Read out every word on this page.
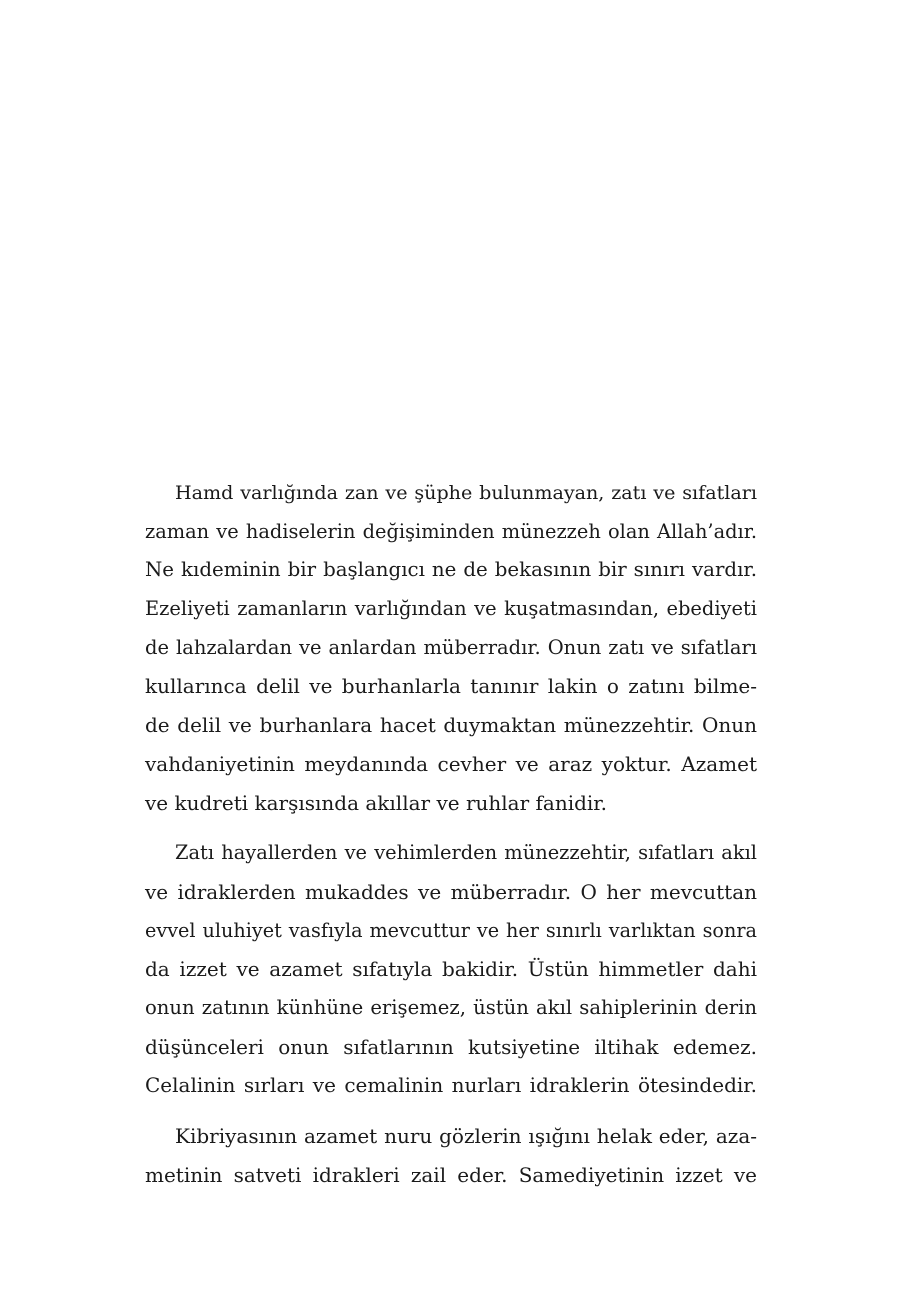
Hamd varlığında zan ve şüphe bulunmayan, zatı ve sıfatları
zaman ve hadiselerin değişiminden münezzeh olan Allah’adır.
Ne kıdeminin bir başlangıcı ne de bekasının bir sınırı vardır.
Ezeliyeti zamanların varlığından ve kuşatmasından, ebediyeti
de lahzalardan ve anlardan müberradır. Onun zatı ve sıfatları
kullarınca delil ve burhanlarla tanınır lakin o zatını bilme-
de delil ve burhanlara hacet duymaktan münezzehtir. Onun
vahdaniyetinin meydanında cevher ve araz yoktur. Azamet
ve kudreti karşısında akıllar ve ruhlar fanidir.
Zatı hayallerden ve vehimlerden münezzehtir, sıfatları akıl
ve idraklerden mukaddes ve müberradır. O her mevcuttan
evvel uluhiyet vasfıyla mevcuttur ve her sınırlı varlıktan sonra
da izzet ve azamet sıfatıyla bakidir. Üstün himmetler dahi
onun zatının künhüne erişemez, üstün akıl sahiplerinin derin
düşünceleri onun sıfatlarının kutsiyetine iltihak edemez.
Celalinin sırları ve cemalinin nurları idraklerin ötesindedir.
Kibriyasının azamet nuru gözlerin ışığını helak eder, aza-
metinin satveti idrakleri zail eder. Samediyetinin izzet ve
